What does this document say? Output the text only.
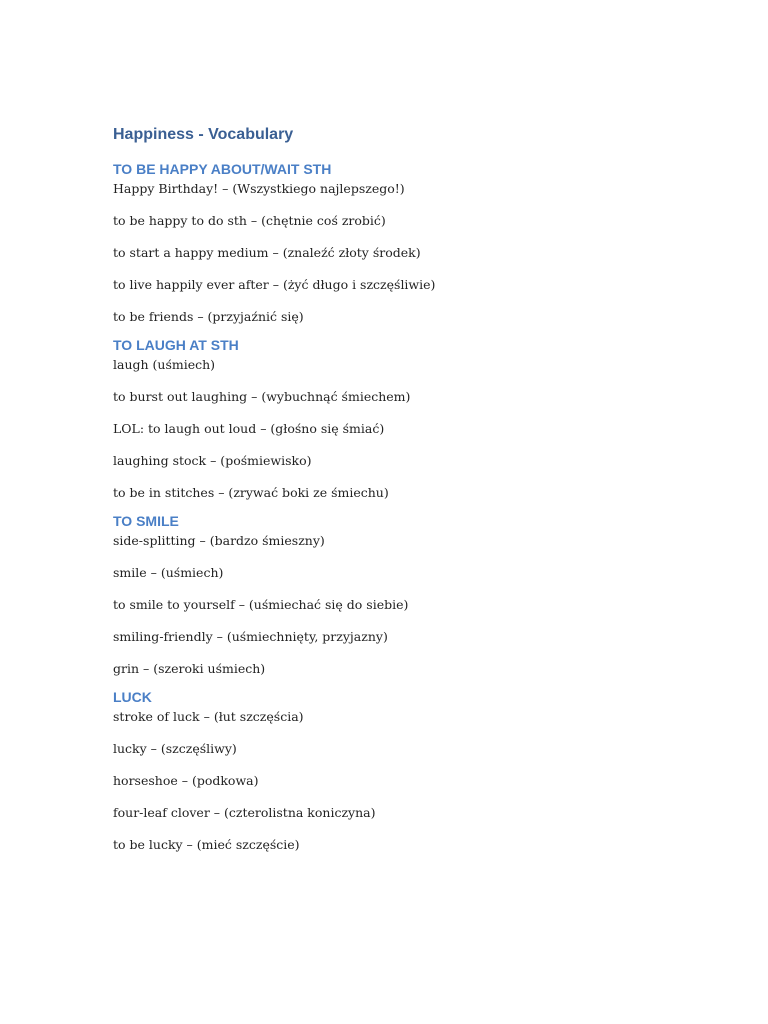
Happiness - Vocabulary
TO BE HAPPY ABOUT/WAIT STH
Happy Birthday! – (Wszystkiego najlepszego!)
to be happy to do sth – (chętnie coś zrobić)
to start a happy medium – (znaleźć złoty środek)
to live happily ever after – (żyć długo i szczęśliwie)
to be friends – (przyjaźnić się)
TO LAUGH AT STH
laugh (uśmiech)
to burst out laughing – (wybuchnąć śmiechem)
LOL: to laugh out loud – (głośno się śmiać)
laughing stock – (pośmiewisko)
to be in stitches – (zrywać boki ze śmiechu)
TO SMILE
side-splitting – (bardzo śmieszny)
smile – (uśmiech)
to smile to yourself – (uśmiechać się do siebie)
smiling-friendly – (uśmiechnięty, przyjazny)
grin – (szeroki uśmiech)
LUCK
stroke of luck – (łut szczęścia)
lucky – (szczęśliwy)
horseshoe – (podkowa)
four-leaf clover – (czterolistna koniczyna)
to be lucky – (mieć szczęście)
